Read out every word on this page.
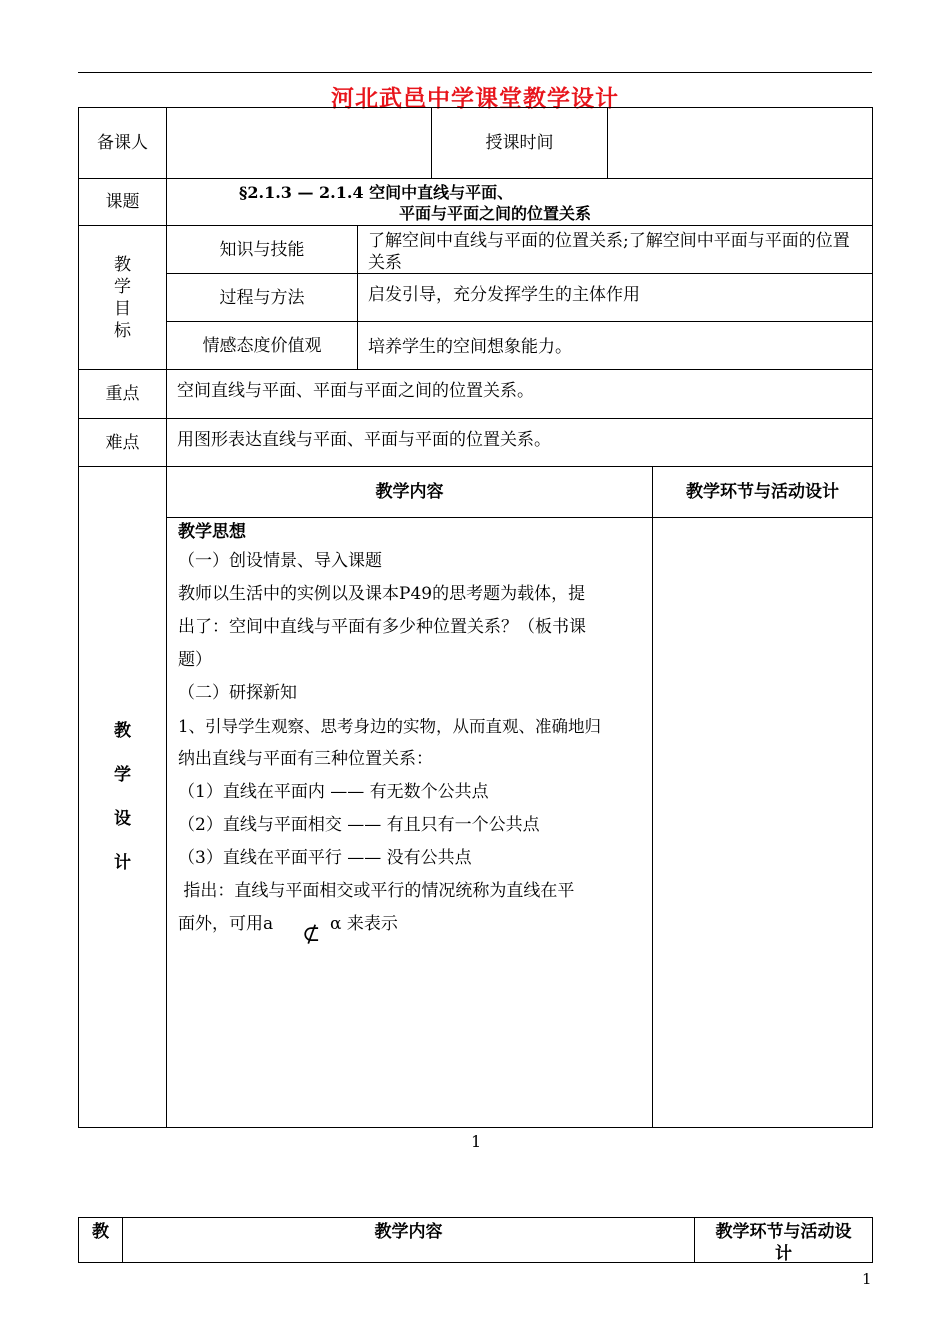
河北武邑中学课堂教学设计
备课人	授课时间
课题	§2.1.3 — 2.1.4 空间中直线与平面、
平面与平面之间的位置关系
教
学
目
标
知识与技能	了解空间中直线与平面的位置关系;了解空间中平面与平面的位置关系
过程与方法	启发引导，充分发挥学生的主体作用
情感态度价值观	培养学生的空间想象能力。
重点	空间直线与平面、平面与平面之间的位置关系。
难点	用图形表达直线与平面、平面与平面的位置关系。
教
学
设
计
教学内容	教学环节与活动设计

教学思想

（一）创设情景、导入课题

教师以生活中的实例以及课本P49的思考题为载体，提

出了：空间中直线与平面有多少种位置关系？（板书课

题）

（二）研探新知

1、引导学生观察、思考身边的实物，从而直观、准确地归

纳出直线与平面有三种位置关系：

（1）直线在平面内 —— 有无数个公共点

（2）直线与平面相交 —— 有且只有一个公共点

（3）直线在平面平行 —— 没有公共点

指出：直线与平面相交或平行的情况统称为直线在平

面外，可用a ⊄ α 来表示

1
教	教学内容	教学环节与活动设
计
1
